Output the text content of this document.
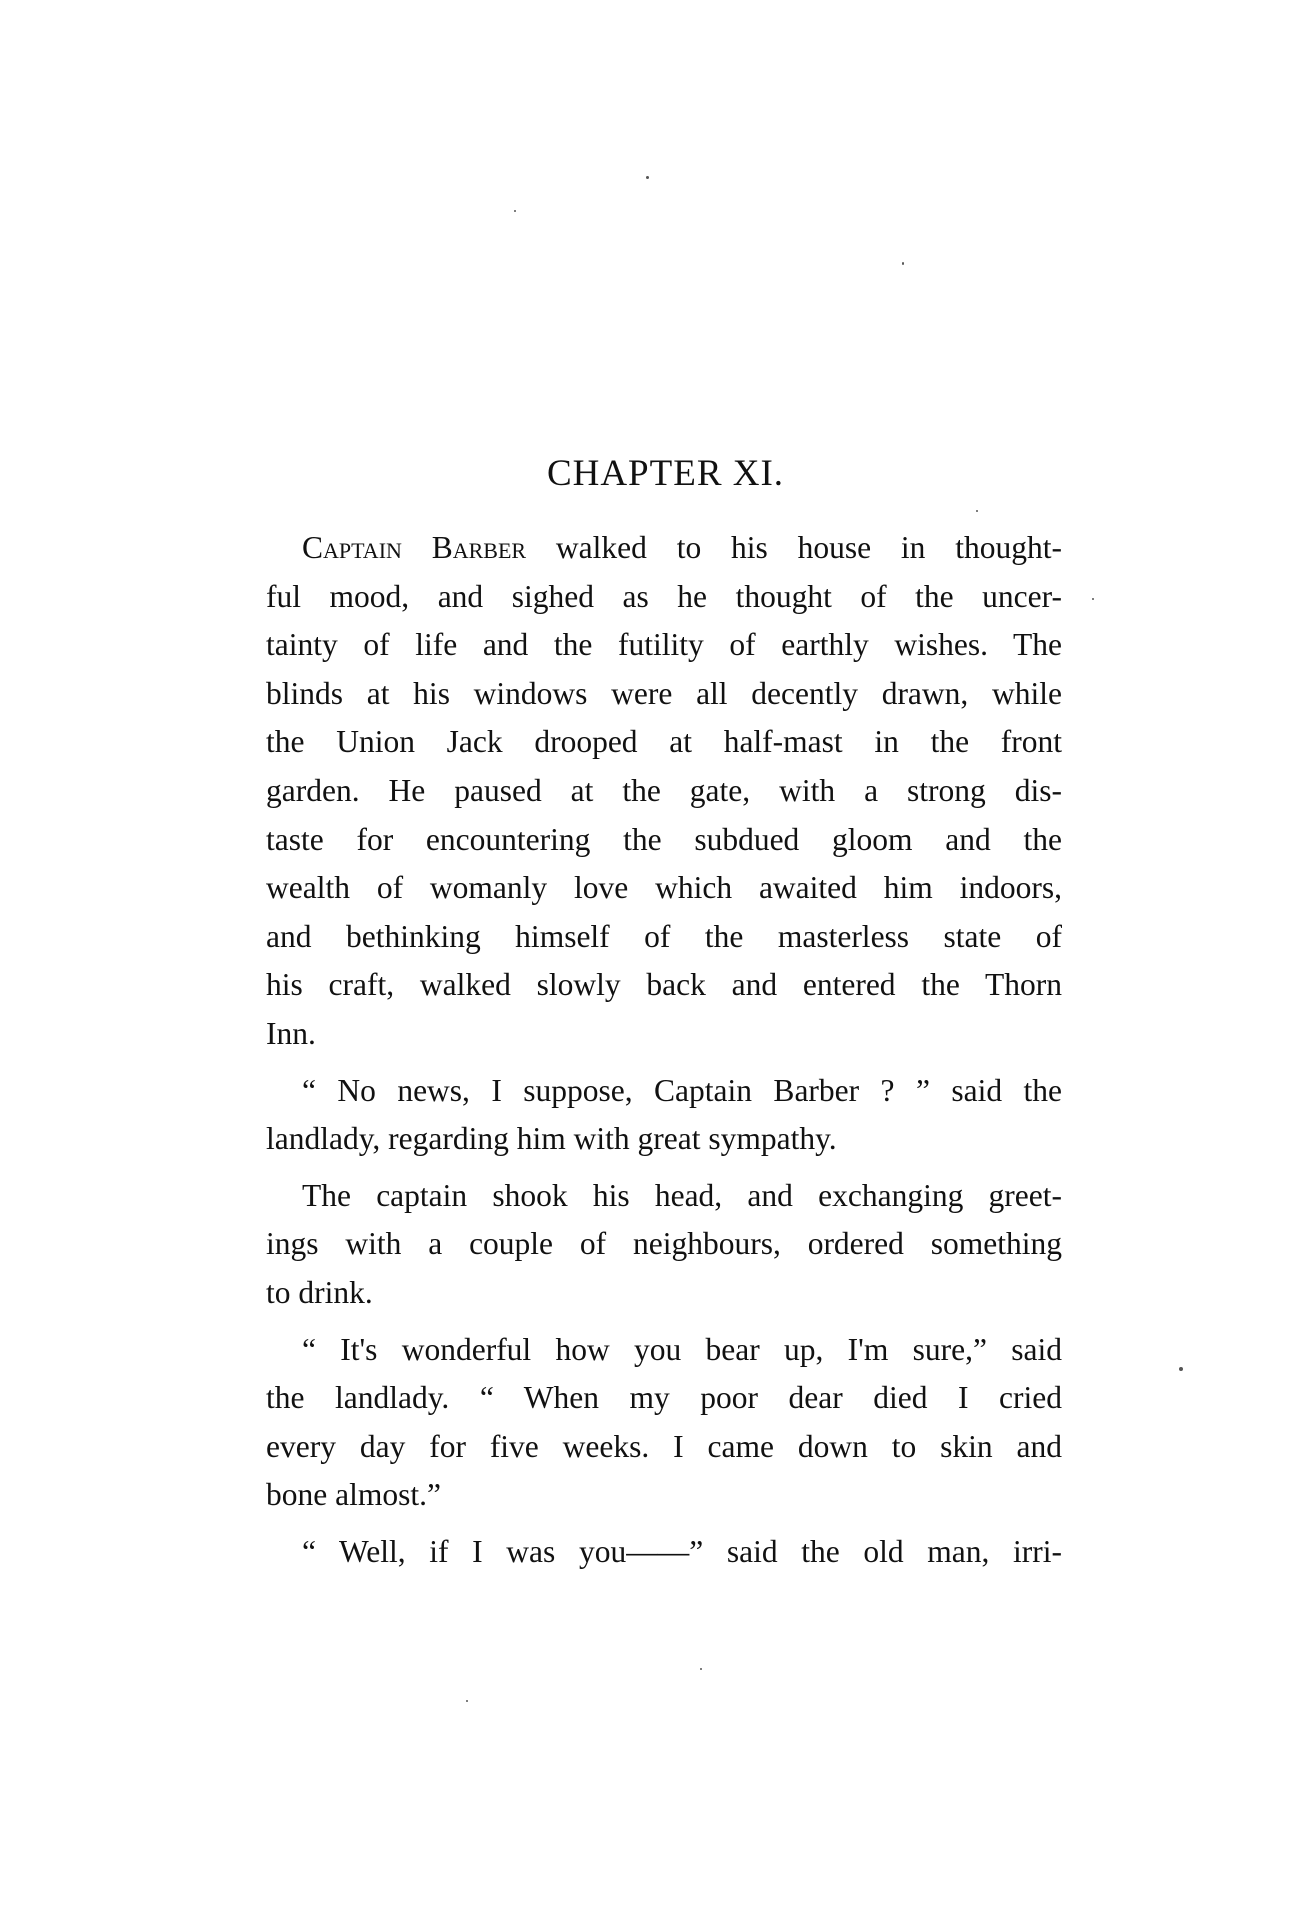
CHAPTER XI.
Captain Barber walked to his house in thought-
ful mood, and sighed as he thought of the uncer-
tainty of life and the futility of earthly wishes. The
blinds at his windows were all decently drawn, while
the Union Jack drooped at half-mast in the front
garden. He paused at the gate, with a strong dis-
taste for encountering the subdued gloom and the
wealth of womanly love which awaited him indoors,
and bethinking himself of the masterless state of
his craft, walked slowly back and entered the Thorn
Inn.
“ No news, I suppose, Captain Barber ? ” said the
landlady, regarding him with great sympathy.
The captain shook his head, and exchanging greet-
ings with a couple of neighbours, ordered something
to drink.
“ It's wonderful how you bear up, I'm sure,” said
the landlady. “ When my poor dear died I cried
every day for five weeks. I came down to skin and
bone almost.”
“ Well, if I was you——” said the old man, irri-
